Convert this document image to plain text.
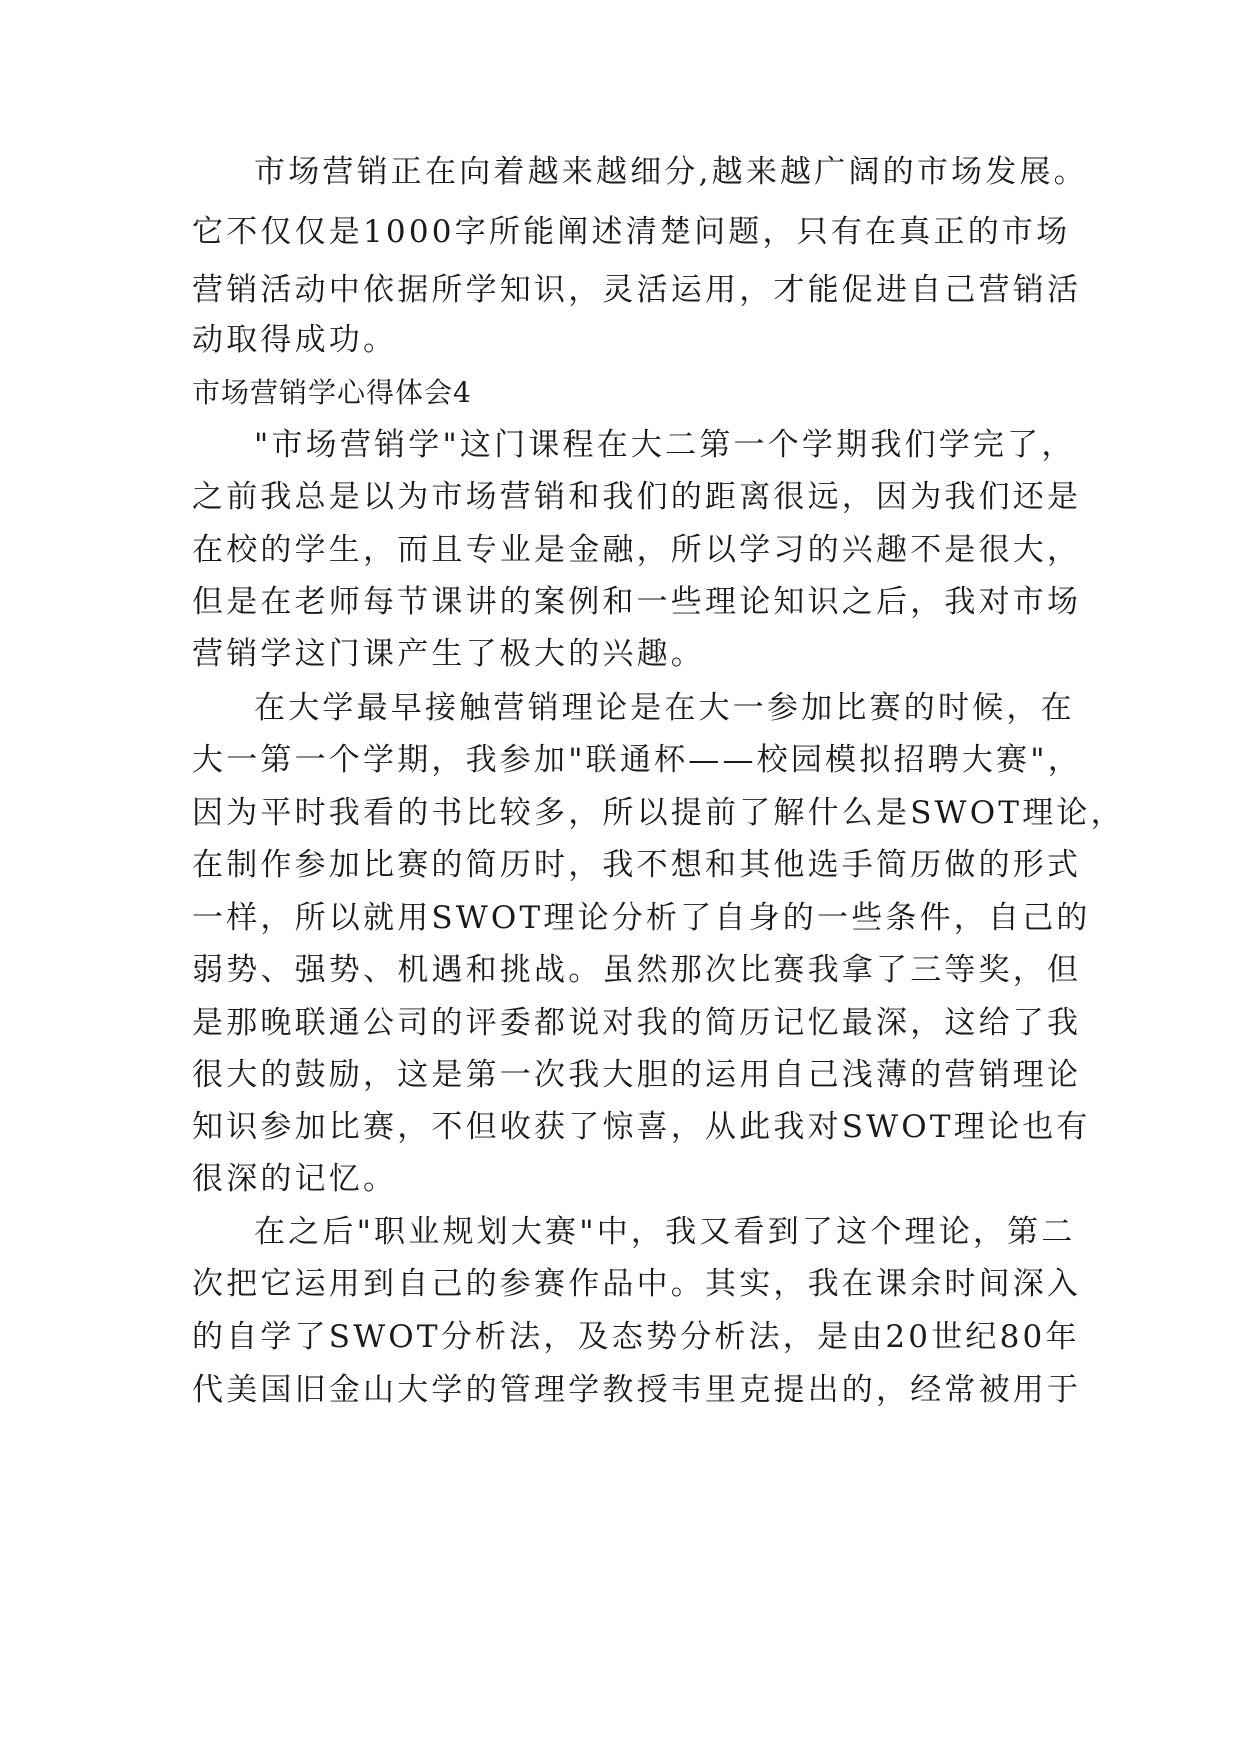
市场营销正在向着越来越细分,越来越广阔的市场发展。
它不仅仅是1000字所能阐述清楚问题，只有在真正的市场
营销活动中依据所学知识，灵活运用，才能促进自己营销活
动取得成功。
市场营销学心得体会4
"市场营销学"这门课程在大二第一个学期我们学完了，
之前我总是以为市场营销和我们的距离很远，因为我们还是
在校的学生，而且专业是金融，所以学习的兴趣不是很大，
但是在老师每节课讲的案例和一些理论知识之后，我对市场
营销学这门课产生了极大的兴趣。
在大学最早接触营销理论是在大一参加比赛的时候，在
大一第一个学期，我参加"联通杯——校园模拟招聘大赛"，
因为平时我看的书比较多，所以提前了解什么是SWOT理论，
在制作参加比赛的简历时，我不想和其他选手简历做的形式
一样，所以就用SWOT理论分析了自身的一些条件，自己的
弱势、强势、机遇和挑战。虽然那次比赛我拿了三等奖，但
是那晚联通公司的评委都说对我的简历记忆最深，这给了我
很大的鼓励，这是第一次我大胆的运用自己浅薄的营销理论
知识参加比赛，不但收获了惊喜，从此我对SWOT理论也有
很深的记忆。
在之后"职业规划大赛"中，我又看到了这个理论，第二
次把它运用到自己的参赛作品中。其实，我在课余时间深入
的自学了SWOT分析法，及态势分析法，是由20世纪80年
代美国旧金山大学的管理学教授韦里克提出的，经常被用于
